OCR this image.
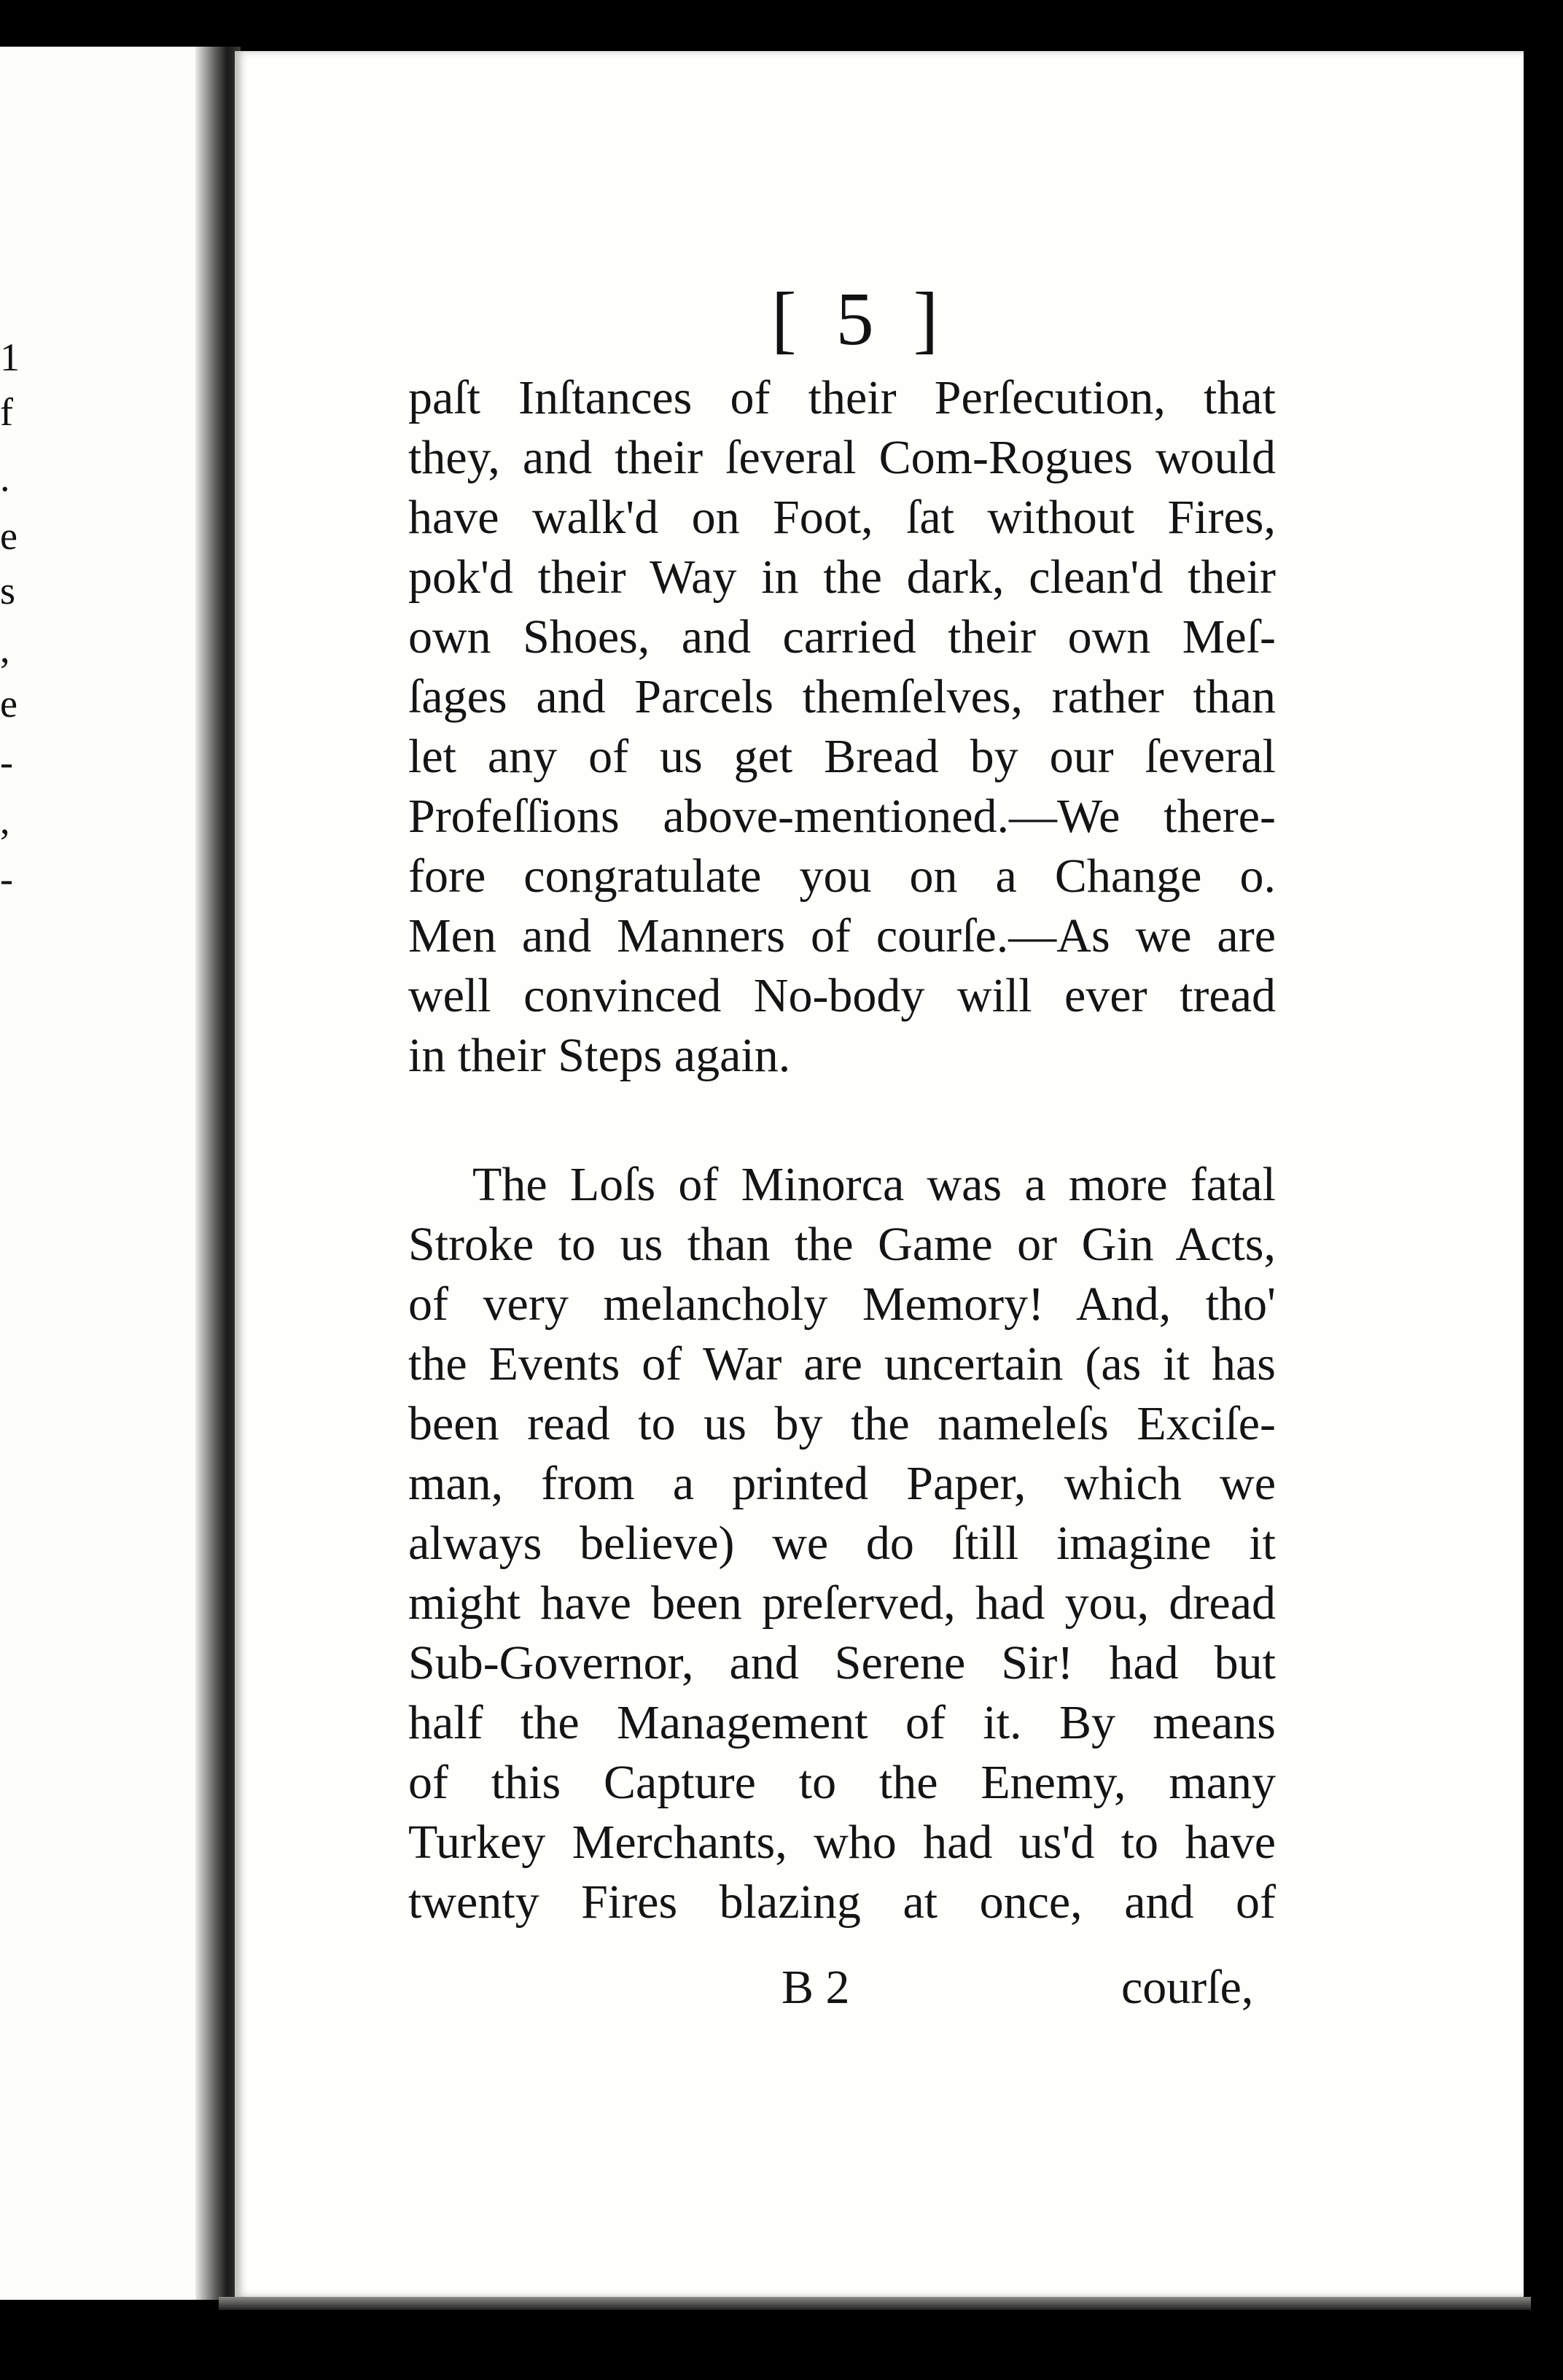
1
f
.
e
s
,
e
-
,
-
[ 5 ]
paſt Inſtances of their Perſecution, that
they, and their ſeveral Com-Rogues would
have walk'd on Foot, ſat without Fires,
pok'd their Way in the dark, clean'd their
own Shoes, and carried their own Meſ-
ſages and Parcels themſelves, rather than
let any of us get Bread by our ſeveral
Profeſſions above-mentioned.—We there-
fore congratulate you on a Change o.
Men and Manners of courſe.—As we are
well convinced No-body will ever tread
in their Steps again.
The Loſs of Minorca was a more fatal
Stroke to us than the Game or Gin Acts,
of very melancholy Memory! And, tho'
the Events of War are uncertain (as it has
been read to us by the nameleſs Exciſe-
man, from a printed Paper, which we
always believe) we do ſtill imagine it
might have been preſerved, had you, dread
Sub-Governor, and Serene Sir! had but
half the Management of it. By means
of this Capture to the Enemy, many
Turkey Merchants, who had us'd to have
twenty Fires blazing at once, and of
B 2	courſe,
